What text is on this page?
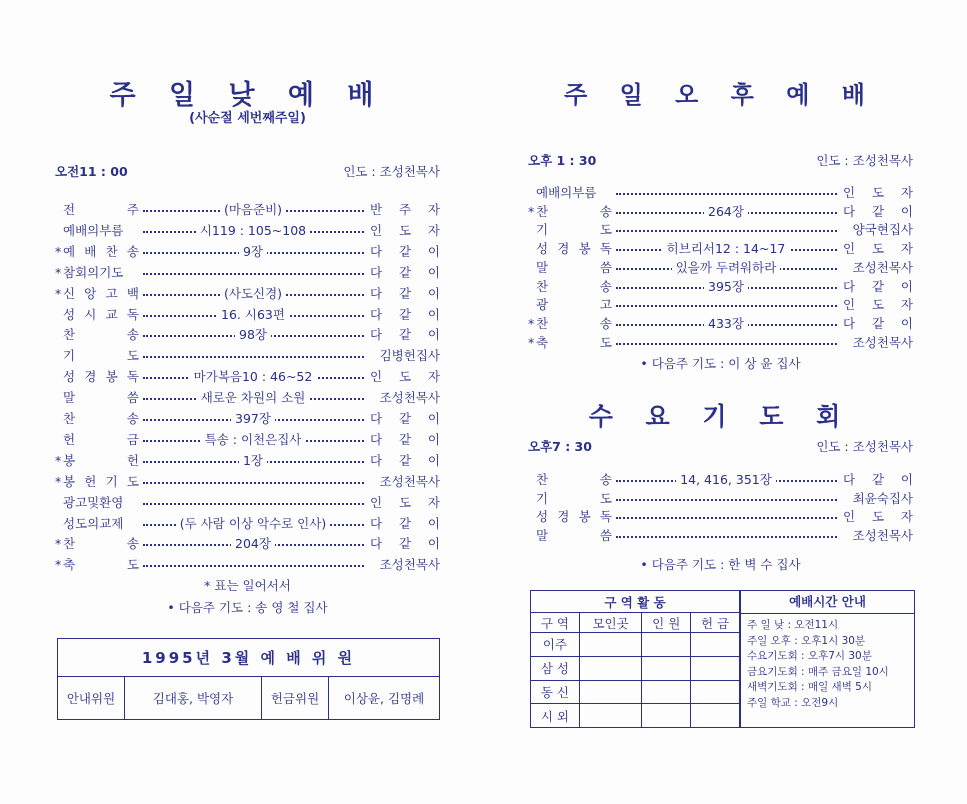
주 일 낮 예 배
(사순절 세번째주일)
오전11 : 00	인도 : 조성천목사
전	주	(마음준비)	반 주 자
예배의부름	시119 : 105~108	인 도 자
* 예 배 찬 송	9장	다 같 이
* 참회의기도	다 같 이
* 신 앙 고 백	(사도신경)	다 같 이
성 시 교 독	16. 시63편	다 같 이
찬	송	98장	다 같 이
기	도	김병헌집사
성 경 봉 독	마가복음10 : 46~52	인 도 자
말	씀	새로운 차원의 소원	조성천목사
찬	송	397장	다 같 이
헌	금	특송 : 이천은집사	다 같 이
* 봉	헌	1장	다 같 이
* 봉 헌 기 도	조성천목사
광고및환영	인 도 자
성도의교제	(두 사람 이상 악수로 인사)	다 같 이
* 찬	송	204장	다 같 이
* 축	도	조성천목사
* 표는 일어서서
• 다음주 기도 : 송 영 철 집사
1995년 3월 예 배 위 원
안내위원	김대홍, 박영자	헌금위원	이상윤, 김명례
주 일 오 후 예 배
오후 1 : 30	인도 : 조성천목사
예배의부름	인 도 자
* 찬	송	264장	다 같 이
기	도	양국현집사
성 경 봉 독	히브리서12 : 14~17	인 도 자
말	씀	있을까 두려워하라	조성천목사
찬	송	395장	다 같 이
광	고	인 도 자
* 찬	송	433장	다 같 이
* 축	도	조성천목사
• 다음주 기도 : 이 상 윤 집사
수 요 기 도 회
오후7 : 30	인도 : 조성천목사
찬	송	14, 416, 351장	다 같 이
기	도	최윤숙집사
성 경 봉 독	인 도 자
말	씀	조성천목사
• 다음주 기도 : 한 벽 수 집사
구 역 활 동			
구 역	모인곳	인 원	헌 금
이주			
삼 성			
동 신			
시 외			
예배시간 안내
주 일 낮 : 오전11시
주일 오후 : 오후1시 30분
수요기도회 : 오후7시 30분
금요기도회 : 매주 금요일 10시
새벽기도회 : 매일 새벽 5시
주일 학교 : 오전9시
